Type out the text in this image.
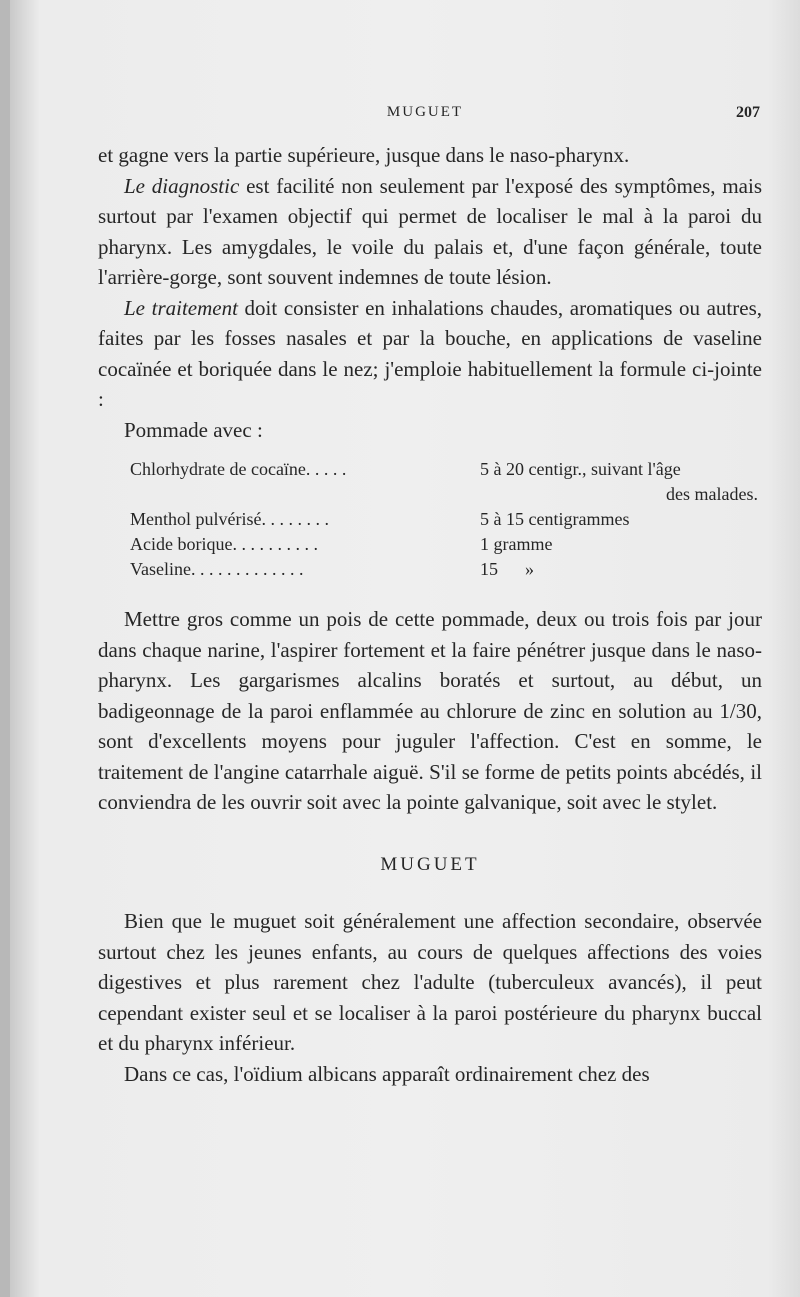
MUGUET	207

et gagne vers la partie supérieure, jusque dans le naso-pharynx.

Le diagnostic est facilité non seulement par l'exposé des symptômes, mais surtout par l'examen objectif qui permet de localiser le mal à la paroi du pharynx. Les amygdales, le voile du palais et, d'une façon générale, toute l'arrière-gorge, sont souvent indemnes de toute lésion.

Le traitement doit consister en inhalations chaudes, aromatiques ou autres, faites par les fosses nasales et par la bouche, en applications de vaseline cocaïnée et boriquée dans le nez; j'emploie habituellement la formule ci-jointe :

Pommade avec :

Chlorhydrate de cocaïne. . . . .	5 à 20 centigr., suivant l'âge
des malades.
Menthol pulvérisé. . . . . . . .	5 à 15 centigrammes
Acide borique. . . . . . . . . .	1 gramme
Vaseline. . . . . . . . . . . . .	15      »

Mettre gros comme un pois de cette pommade, deux ou trois fois par jour dans chaque narine, l'aspirer fortement et la faire pénétrer jusque dans le naso-pharynx. Les gargarismes alcalins boratés et surtout, au début, un badigeonnage de la paroi enflammée au chlorure de zinc en solution au 1/30, sont d'excellents moyens pour juguler l'affection. C'est en somme, le traitement de l'angine catarrhale aiguë. S'il se forme de petits points abcédés, il conviendra de les ouvrir soit avec la pointe galvanique, soit avec le stylet.

MUGUET

Bien que le muguet soit généralement une affection secondaire, observée surtout chez les jeunes enfants, au cours de quelques affections des voies digestives et plus rarement chez l'adulte (tuberculeux avancés), il peut cependant exister seul et se localiser à la paroi postérieure du pharynx buccal et du pharynx inférieur.

Dans ce cas, l'oïdium albicans apparaît ordinairement chez des
